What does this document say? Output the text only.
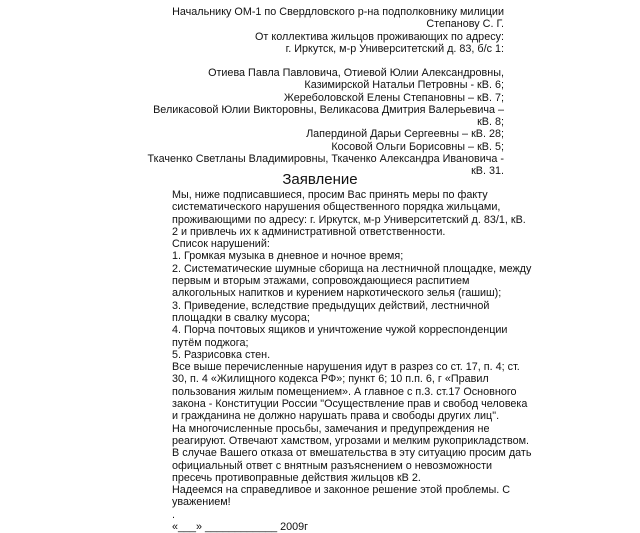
Начальнику ОМ-1 по Свердловского р-на подполковнику милиции
Степанову С. Г.
От коллектива жильцов проживающих по адресу:
г. Иркутск, м-р Университетский д. 83, б/с 1:
Отиева Павла Павловича, Отиевой Юлии Александровны,
Казимирской Натальи Петровны - кВ. 6;
Жереболовской Елены Степановны – кВ. 7;
Великасовой Юлии Викторовны, Великасова Дмитрия Валерьевича –
кВ. 8;
Лапердиной Дарьи Сергеевны – кВ. 28;
Косовой Ольги Борисовны – кВ. 5;
Ткаченко Светланы Владимировны, Ткаченко Александра Ивановича -
кВ. 31.
Заявление
Мы, ниже подписавшиеся, просим Вас принять меры по факту
систематического нарушения общественного порядка жильцами,
проживающими по адресу: г. Иркутск, м-р Университетский д. 83/1, кВ.
2 и привлечь их к административной ответственности.
Список нарушений:
1. Громкая музыка в дневное и ночное время;
2. Систематические шумные сборища на лестничной площадке, между
первым и вторым этажами, сопровождающиеся распитием
алкогольных напитков и курением наркотического зелья (гашиш);
3. Приведение, вследствие предыдущих действий, лестничной
площадки в свалку мусора;
4. Порча почтовых ящиков и уничтожение чужой корреспонденции
путём поджога;
5. Разрисовка стен.
Все выше перечисленные нарушения идут в разрез со ст. 17, п. 4; ст.
30, п. 4 «Жилищного кодекса РФ»; пункт 6; 10 п.п. 6, г «Правил
пользования жилым помещением». А главное с п.3. ст.17 Основного
закона - Конституции России "Осуществление прав и свобод человека
и гражданина не должно нарушать права и свободы других лиц".
На многочисленные просьбы, замечания и предупреждения не
реагируют. Отвечают хамством, угрозами и мелким рукоприкладством.
В случае Вашего отказа от вмешательства в эту ситуацию просим дать
официальный ответ с внятным разъяснением о невозможности
пресечь противоправные действия жильцов кВ 2.
Надеемся на справедливое и законное решение этой проблемы. С
уважением!
.
«___» ____________ 2009г
